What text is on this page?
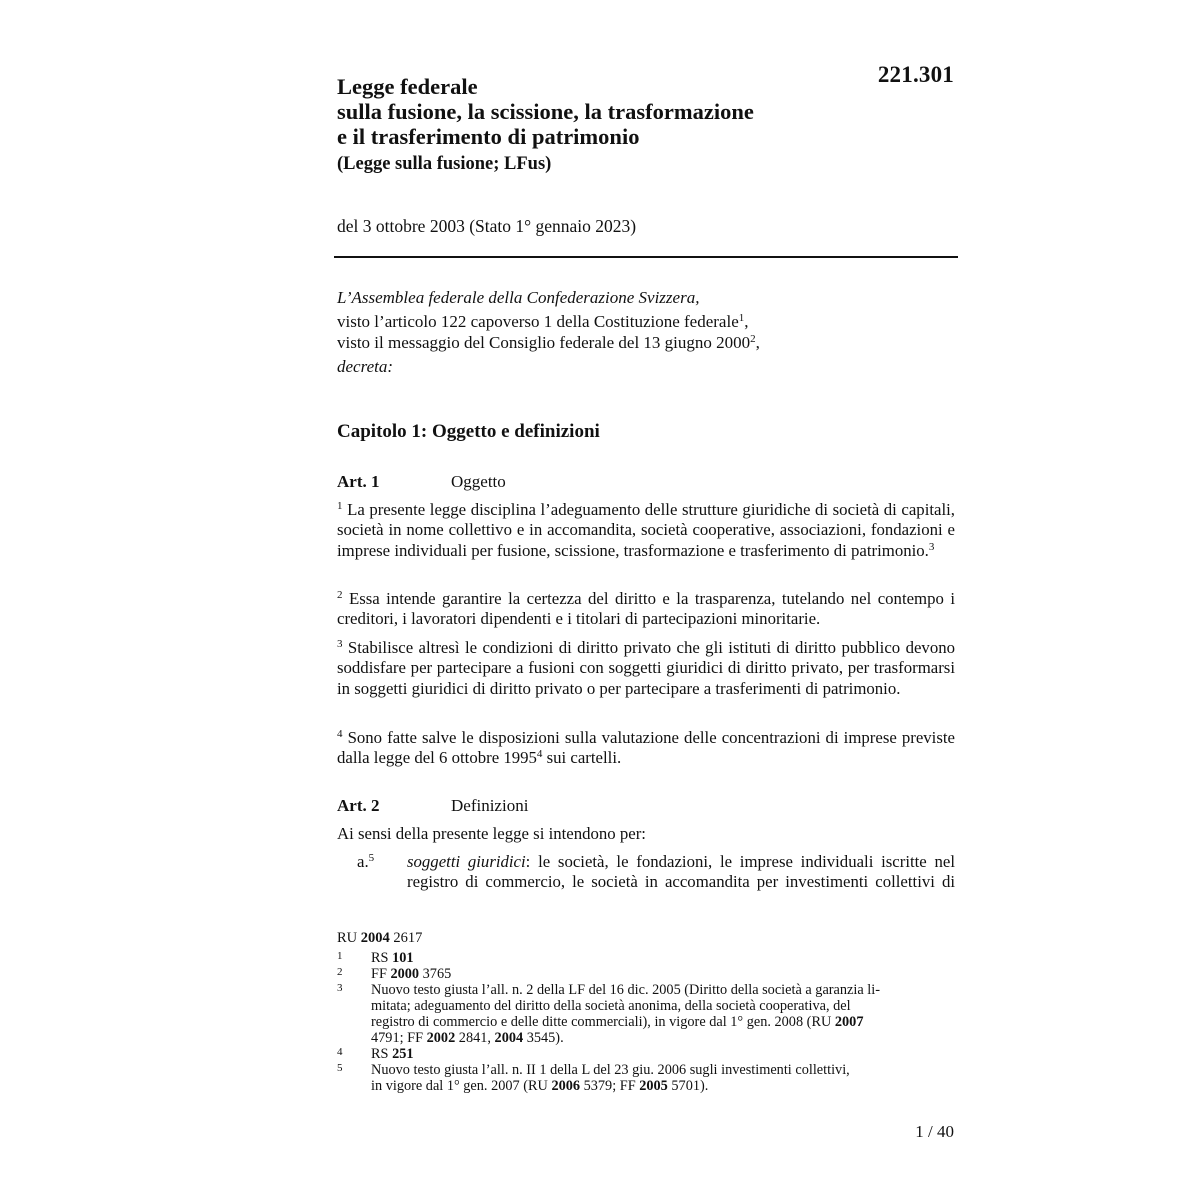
221.301
Legge federale
sulla fusione, la scissione, la trasformazione
e il trasferimento di patrimonio
(Legge sulla fusione; LFus)
del 3 ottobre 2003 (Stato 1° gennaio 2023)
L’Assemblea federale della Confederazione Svizzera,
visto l’articolo 122 capoverso 1 della Costituzione federale$^1$,
visto il messaggio del Consiglio federale del 13 giugno 2000$^2$,
decreta:
Capitolo 1: Oggetto e definizioni
Art. 1	Oggetto
$^1$ La presente legge disciplina l’adeguamento delle strutture giuridiche di società di capitali, società in nome collettivo e in accomandita, società cooperative, associazioni, fondazioni e imprese individuali per fusione, scissione, trasformazione e trasferimento di patrimonio.$^3$
$^2$ Essa intende garantire la certezza del diritto e la trasparenza, tutelando nel contempo i creditori, i lavoratori dipendenti e i titolari di partecipazioni minoritarie.
$^3$ Stabilisce altresì le condizioni di diritto privato che gli istituti di diritto pubblico devono soddisfare per partecipare a fusioni con soggetti giuridici di diritto privato, per trasformarsi in soggetti giuridici di diritto privato o per partecipare a trasferimenti di patrimonio.
$^4$ Sono fatte salve le disposizioni sulla valutazione delle concentrazioni di imprese previste dalla legge del 6 ottobre 1995$^4$ sui cartelli.
Art. 2	Definizioni
Ai sensi della presente legge si intendono per:
a.$^5$ soggetti giuridici: le società, le fondazioni, le imprese individuali iscritte nel registro di commercio, le società in accomandita per investimenti collettivi di
RU 2004 2617
1 RS 101
2 FF 2000 3765
3 Nuovo testo giusta l’all. n. 2 della LF del 16 dic. 2005 (Diritto della società a garanzia li-
mitata; adeguamento del diritto della società anonima, della società cooperativa, del
registro di commercio e delle ditte commerciali), in vigore dal 1° gen. 2008 (RU 2007
4791; FF 2002 2841, 2004 3545).
4 RS 251
5 Nuovo testo giusta l’all. n. II 1 della L del 23 giu. 2006 sugli investimenti collettivi,
in vigore dal 1° gen. 2007 (RU 2006 5379; FF 2005 5701).
1 / 40
